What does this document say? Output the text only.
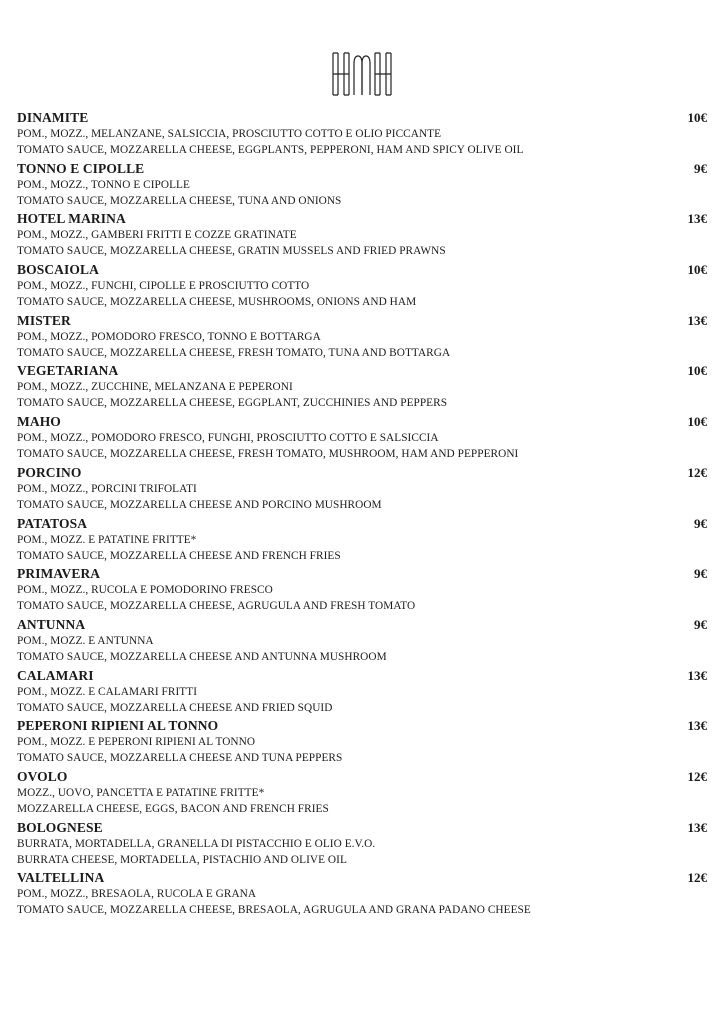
DINAMITE	10€
POM., MOZZ., MELANZANE, SALSICCIA, PROSCIUTTO COTTO E OLIO PICCANTE
TOMATO SAUCE, MOZZARELLA CHEESE, EGGPLANTS, PEPPERONI, HAM AND SPICY OLIVE OIL
TONNO E CIPOLLE	9€
POM., MOZZ., TONNO E CIPOLLE
TOMATO SAUCE, MOZZARELLA CHEESE, TUNA AND ONIONS
HOTEL MARINA	13€
POM., MOZZ., GAMBERI FRITTI E COZZE GRATINATE
TOMATO SAUCE, MOZZARELLA CHEESE, GRATIN MUSSELS AND FRIED PRAWNS
BOSCAIOLA	10€
POM., MOZZ., FUNCHI, CIPOLLE E PROSCIUTTO COTTO
TOMATO SAUCE, MOZZARELLA CHEESE, MUSHROOMS, ONIONS AND HAM
MISTER	13€
POM., MOZZ., POMODORO FRESCO, TONNO E BOTTARGA
TOMATO SAUCE, MOZZARELLA CHEESE, FRESH TOMATO, TUNA AND BOTTARGA
VEGETARIANA	10€
POM., MOZZ., ZUCCHINE, MELANZANA E PEPERONI
TOMATO SAUCE, MOZZARELLA CHEESE, EGGPLANT, ZUCCHINIES AND PEPPERS
MAHO	10€
POM., MOZZ., POMODORO FRESCO, FUNGHI, PROSCIUTTO COTTO E SALSICCIA
TOMATO SAUCE, MOZZARELLA CHEESE, FRESH TOMATO, MUSHROOM, HAM AND PEPPERONI
PORCINO	12€
POM., MOZZ., PORCINI TRIFOLATI
TOMATO SAUCE, MOZZARELLA CHEESE AND PORCINO MUSHROOM
PATATOSA	9€
POM., MOZZ. E PATATINE FRITTE*
TOMATO SAUCE, MOZZARELLA CHEESE AND FRENCH FRIES
PRIMAVERA	9€
POM., MOZZ., RUCOLA E POMODORINO FRESCO
TOMATO SAUCE, MOZZARELLA CHEESE, AGRUGULA AND FRESH TOMATO
ANTUNNA	9€
POM., MOZZ. E ANTUNNA
TOMATO SAUCE, MOZZARELLA CHEESE AND ANTUNNA MUSHROOM
CALAMARI	13€
POM., MOZZ. E CALAMARI FRITTI
TOMATO SAUCE, MOZZARELLA CHEESE AND FRIED SQUID
PEPERONI RIPIENI AL TONNO	13€
POM., MOZZ. E PEPERONI RIPIENI AL TONNO
TOMATO SAUCE, MOZZARELLA CHEESE AND TUNA PEPPERS
OVOLO	12€
MOZZ., UOVO, PANCETTA E PATATINE FRITTE*
MOZZARELLA CHEESE, EGGS, BACON AND FRENCH FRIES
BOLOGNESE	13€
BURRATA, MORTADELLA, GRANELLA DI PISTACCHIO E OLIO E.V.O.
BURRATA CHEESE, MORTADELLA, PISTACHIO AND OLIVE OIL
VALTELLINA	12€
POM., MOZZ., BRESAOLA, RUCOLA E GRANA
TOMATO SAUCE, MOZZARELLA CHEESE, BRESAOLA, AGRUGULA AND GRANA PADANO CHEESE
